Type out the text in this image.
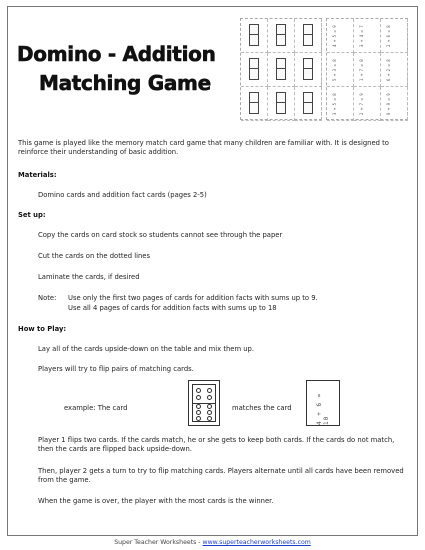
Domino - Addition
Matching Game
4 + 5 = 9	3 + 4 = 7	2 + 6 = 8
5 + 3 = 8	1 + 7 = 8	6 + 2 = 8
3 + 5 = 8	2 + 7 = 9	0 + 9 = 9
This game is played like the memory match card game that many children are familiar with. It is designed to reinforce their understanding of basic addition.
Materials:
Domino cards and addition fact cards (pages 2-5)
Set up:
Copy the cards on card stock so students cannot see through the paper
Cut the cards on the dotted lines
Laminate the cards, if desired
Note: Use only the first two pages of cards for addition facts with sums up to 9.
Use all 4 pages of cards for addition facts with sums up to 18
How to Play:
Lay all of the cards upside-down on the table and mix them up.
Players will try to flip pairs of matching cards.
example: The card	matches the card	4 + 6 = 10
Player 1 flips two cards. If the cards match, he or she gets to keep both cards. If the cards do not match, then the cards are flipped back upside-down.
Then, player 2 gets a turn to try to flip matching cards. Players alternate until all cards have been removed from the game.
When the game is over, the player with the most cards is the winner.
Super Teacher Worksheets - www.superteacherworksheets.com
